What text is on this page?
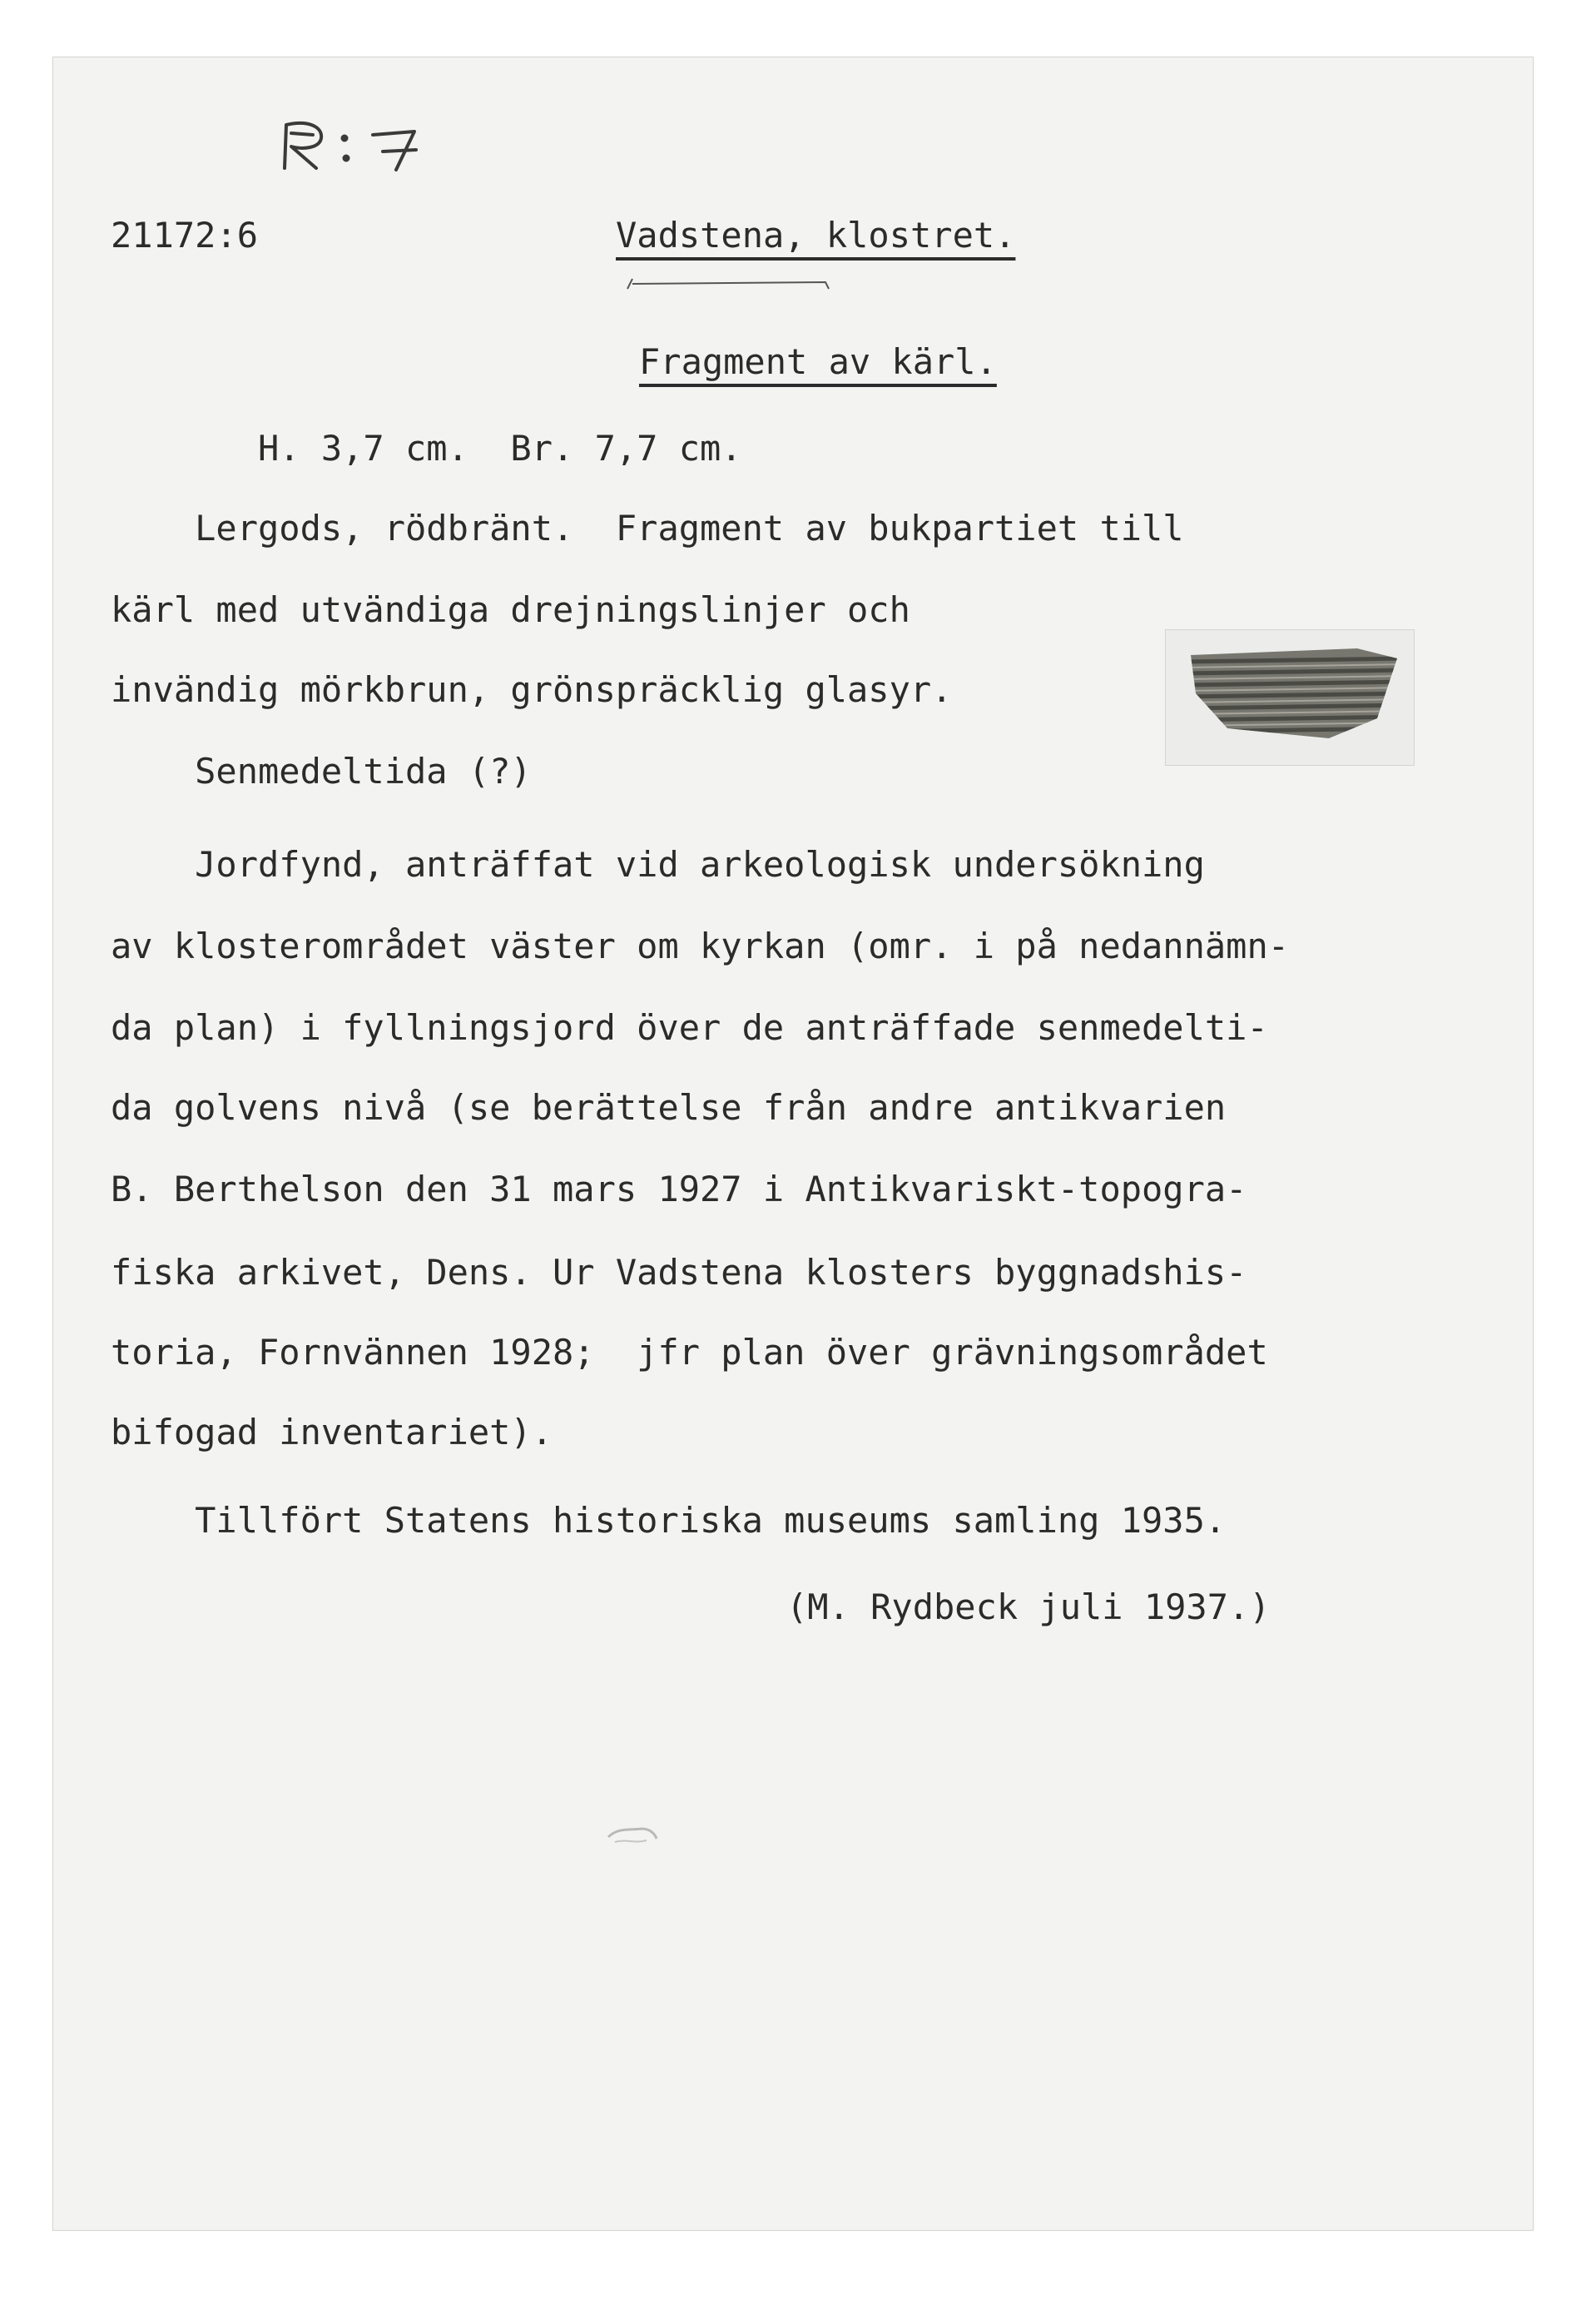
21172:6	Vadstena, klostret.
Fragment av kärl.
H. 3,7 cm.  Br. 7,7 cm.
Lergods, rödbränt.  Fragment av bukpartiet till
kärl med utvändiga drejningslinjer och
invändig mörkbrun, grönspräcklig glasyr.
Senmedeltida (?)
Jordfynd, anträffat vid arkeologisk undersökning
av klosterområdet väster om kyrkan (omr. i på nedannämn-
da plan) i fyllningsjord över de anträffade senmedelti-
da golvens nivå (se berättelse från andre antikvarien
B. Berthelson den 31 mars 1927 i Antikvariskt-topogra-
fiska arkivet, Dens. Ur Vadstena klosters byggnadshis-
toria, Fornvännen 1928;  jfr plan över grävningsområdet
bifogad inventariet).
Tillfört Statens historiska museums samling 1935.
(M. Rydbeck juli 1937.)
